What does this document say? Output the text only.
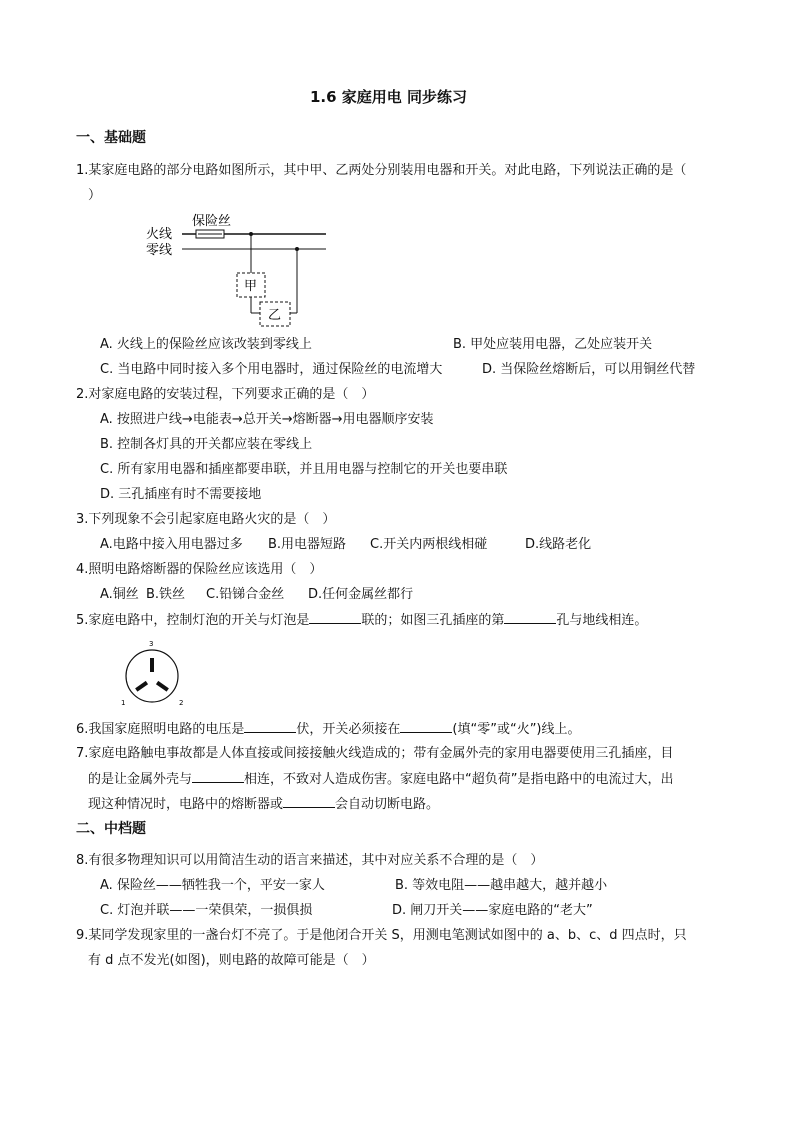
1.6 家庭用电 同步练习
一、基础题
1.某家庭电路的部分电路如图所示，其中甲、乙两处分别装用电器和开关。对此电路，下列说法正确的是（
）
火线
零线
保险丝
甲
乙
A. 火线上的保险丝应该改装到零线上	B. 甲处应装用电器，乙处应装开关
C. 当电路中同时接入多个用电器时，通过保险丝的电流增大	D. 当保险丝熔断后，可以用铜丝代替
2.对家庭电路的安装过程，下列要求正确的是（　）
A. 按照进户线→电能表→总开关→熔断器→用电器顺序安装
B. 控制各灯具的开关都应装在零线上
C. 所有家用电器和插座都要串联，并且用电器与控制它的开关也要串联
D. 三孔插座有时不需要接地
3.下列现象不会引起家庭电路火灾的是（　）
A.电路中接入用电器过多 B.用电器短路 C.开关内两根线相碰	D.线路老化
4.照明电路熔断器的保险丝应该选用（　）
A.铜丝 B.铁丝 C.铅锑合金丝 D.任何金属丝都行
5.家庭电路中，控制灯泡的开关与灯泡是	联的；如图三孔插座的第	孔与地线相连。
3
1	2
6.我国家庭照明电路的电压是	伏，开关必须接在	(填“零”或“火”)线上。
7.家庭电路触电事故都是人体直接或间接接触火线造成的；带有金属外壳的家用电器要使用三孔插座，目
的是让金属外壳与	相连，不致对人造成伤害。家庭电路中“超负荷”是指电路中的电流过大，出
现这种情况时，电路中的熔断器或	会自动切断电路。
二、中档题
8.有很多物理知识可以用简洁生动的语言来描述，其中对应关系不合理的是（　）
A. 保险丝——牺牲我一个，平安一家人	B. 等效电阻——越串越大，越并越小
C. 灯泡并联——一荣俱荣，一损俱损	D. 闸刀开关——家庭电路的“老大”
9.某同学发现家里的一盏台灯不亮了。于是他闭合开关 S，用测电笔测试如图中的 a、b、c、d 四点时，只
有 d 点不发光(如图)，则电路的故障可能是（　）
